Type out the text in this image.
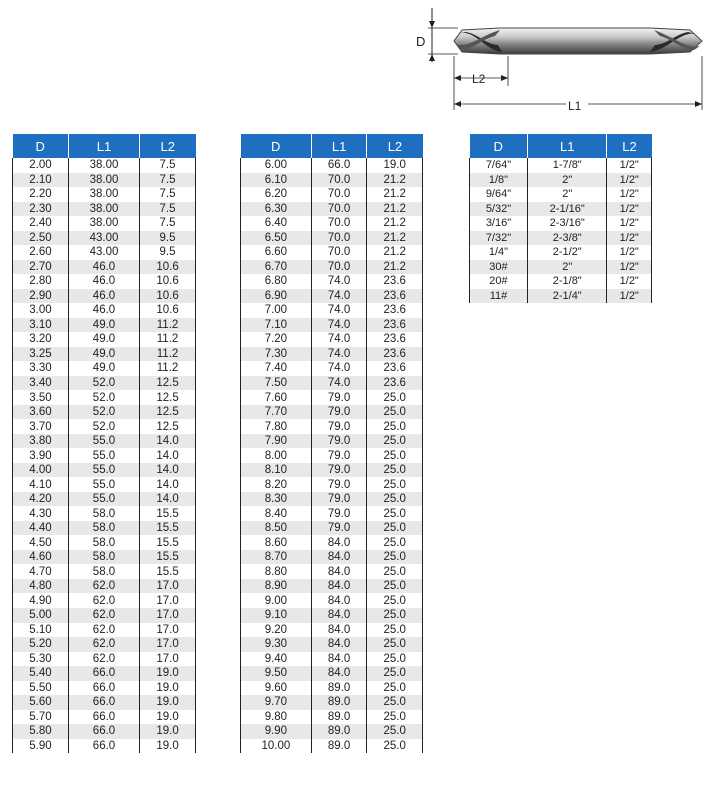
D
L2
L1
D	L1	L2
2.00	38.00	7.5
2.10	38.00	7.5
2.20	38.00	7.5
2.30	38.00	7.5
2.40	38.00	7.5
2.50	43.00	9.5
2.60	43.00	9.5
2.70	46.0	10.6
2.80	46.0	10.6
2.90	46.0	10.6
3.00	46.0	10.6
3.10	49.0	11.2
3.20	49.0	11.2
3.25	49.0	11.2
3.30	49.0	11.2
3.40	52.0	12.5
3.50	52.0	12.5
3.60	52.0	12.5
3.70	52.0	12.5
3.80	55.0	14.0
3.90	55.0	14.0
4.00	55.0	14.0
4.10	55.0	14.0
4.20	55.0	14.0
4.30	58.0	15.5
4.40	58.0	15.5
4.50	58.0	15.5
4.60	58.0	15.5
4.70	58.0	15.5
4.80	62.0	17.0
4.90	62.0	17.0
5.00	62.0	17.0
5.10	62.0	17.0
5.20	62.0	17.0
5.30	62.0	17.0
5.40	66.0	19.0
5.50	66.0	19.0
5.60	66.0	19.0
5.70	66.0	19.0
5.80	66.0	19.0
5.90	66.0	19.0
D	L1	L2
6.00	66.0	19.0
6.10	70.0	21.2
6.20	70.0	21.2
6.30	70.0	21.2
6.40	70.0	21.2
6.50	70.0	21.2
6.60	70.0	21.2
6.70	70.0	21.2
6.80	74.0	23.6
6.90	74.0	23.6
7.00	74.0	23.6
7.10	74.0	23.6
7.20	74.0	23.6
7.30	74.0	23.6
7.40	74.0	23.6
7.50	74.0	23.6
7.60	79.0	25.0
7.70	79.0	25.0
7.80	79.0	25.0
7.90	79.0	25.0
8.00	79.0	25.0
8.10	79.0	25.0
8.20	79.0	25.0
8.30	79.0	25.0
8.40	79.0	25.0
8.50	79.0	25.0
8.60	84.0	25.0
8.70	84.0	25.0
8.80	84.0	25.0
8.90	84.0	25.0
9.00	84.0	25.0
9.10	84.0	25.0
9.20	84.0	25.0
9.30	84.0	25.0
9.40	84.0	25.0
9.50	84.0	25.0
9.60	89.0	25.0
9.70	89.0	25.0
9.80	89.0	25.0
9.90	89.0	25.0
10.00	89.0	25.0
D	L1	L2
7/64"	1-7/8"	1/2"
1/8"	2"	1/2"
9/64"	2"	1/2"
5/32"	2-1/16"	1/2"
3/16"	2-3/16"	1/2"
7/32"	2-3/8"	1/2"
1/4"	2-1/2"	1/2"
30#	2"	1/2"
20#	2-1/8"	1/2"
11#	2-1/4"	1/2"
